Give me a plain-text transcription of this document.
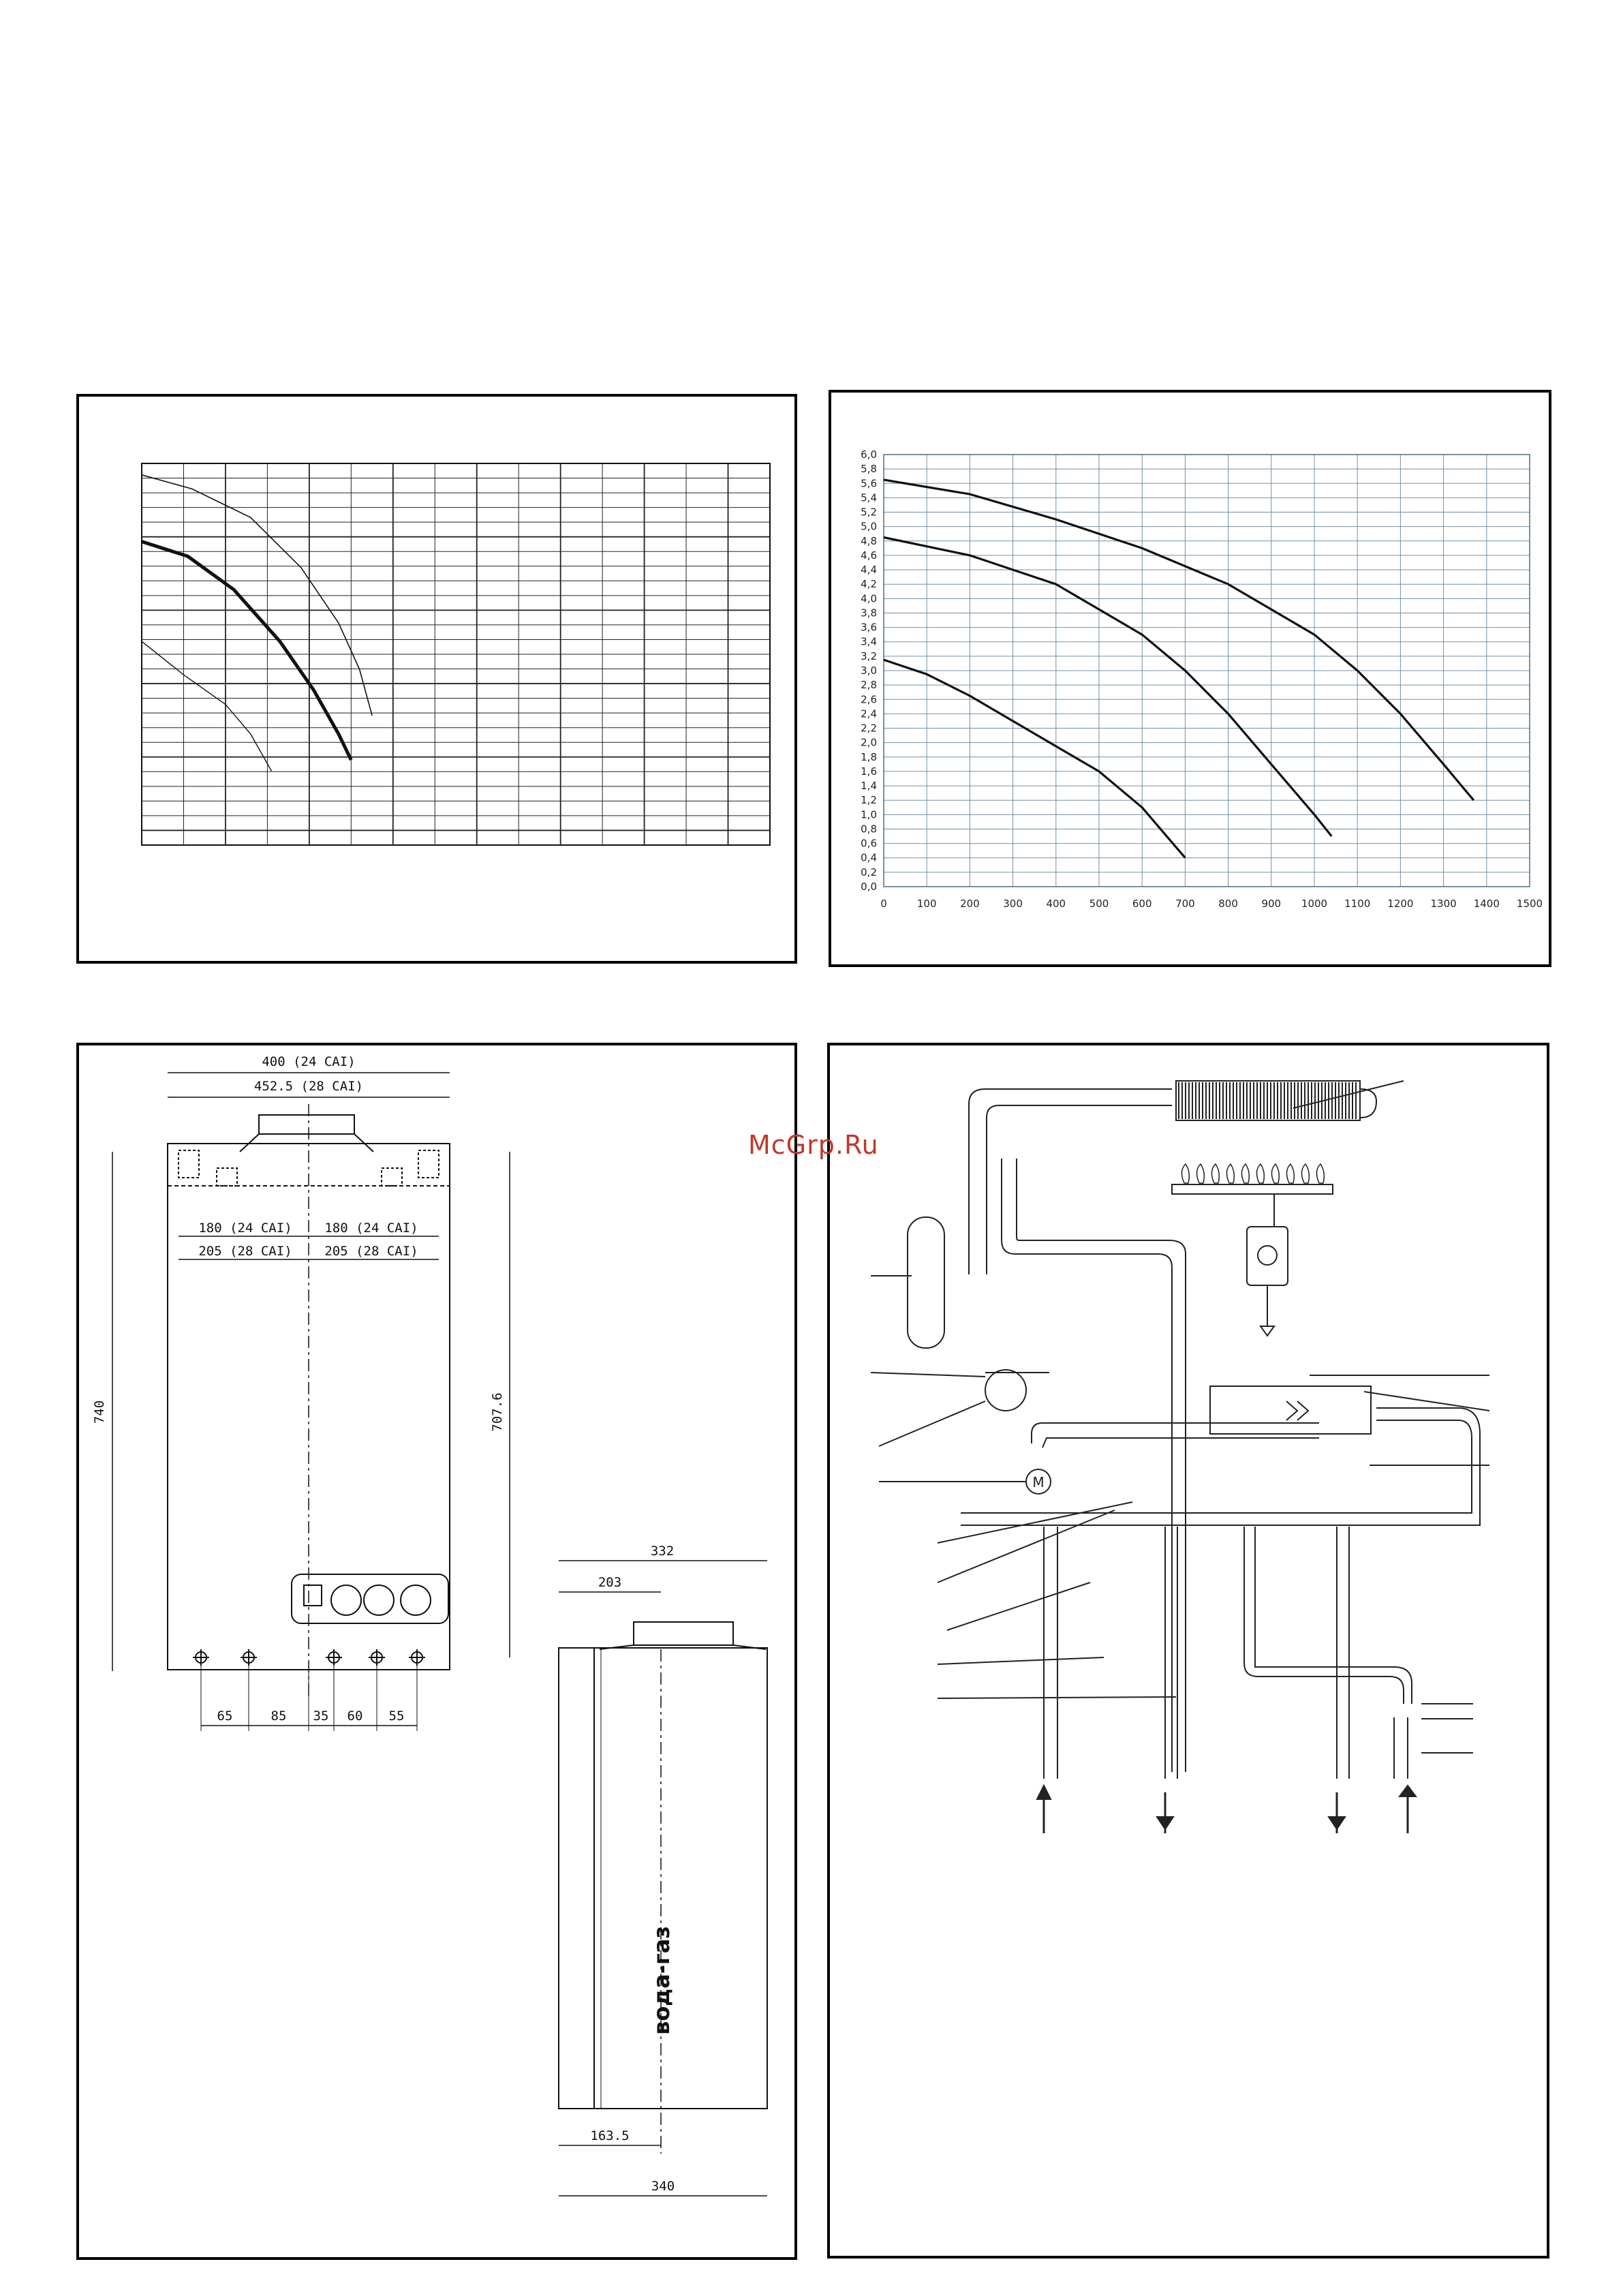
McGrp.Ru
0	100 200 300 400 500 600 700 800 900 1000 1100 1200 1300 1400 1500
0,0
0,2
0,4
0,6
0,8
1,0
1,2
1,4
1,6
1,8
2,0
2,2
2,4
2,6
2,8
3,0
3,2
3,4
3,6
3,8
4,0
4,2
4,4
4,6
4,8
5,0
5,2
5,4
5,6
5,8
6,0
400 (24 CAI)
452.5 (28 CAI)
180 (24 CAI)
205 (28 CAI)
180 (24 CAI)
205 (28 CAI)
740	707.6
65	85 35 60 55
332
203
вода-газ
163.5
340
M
